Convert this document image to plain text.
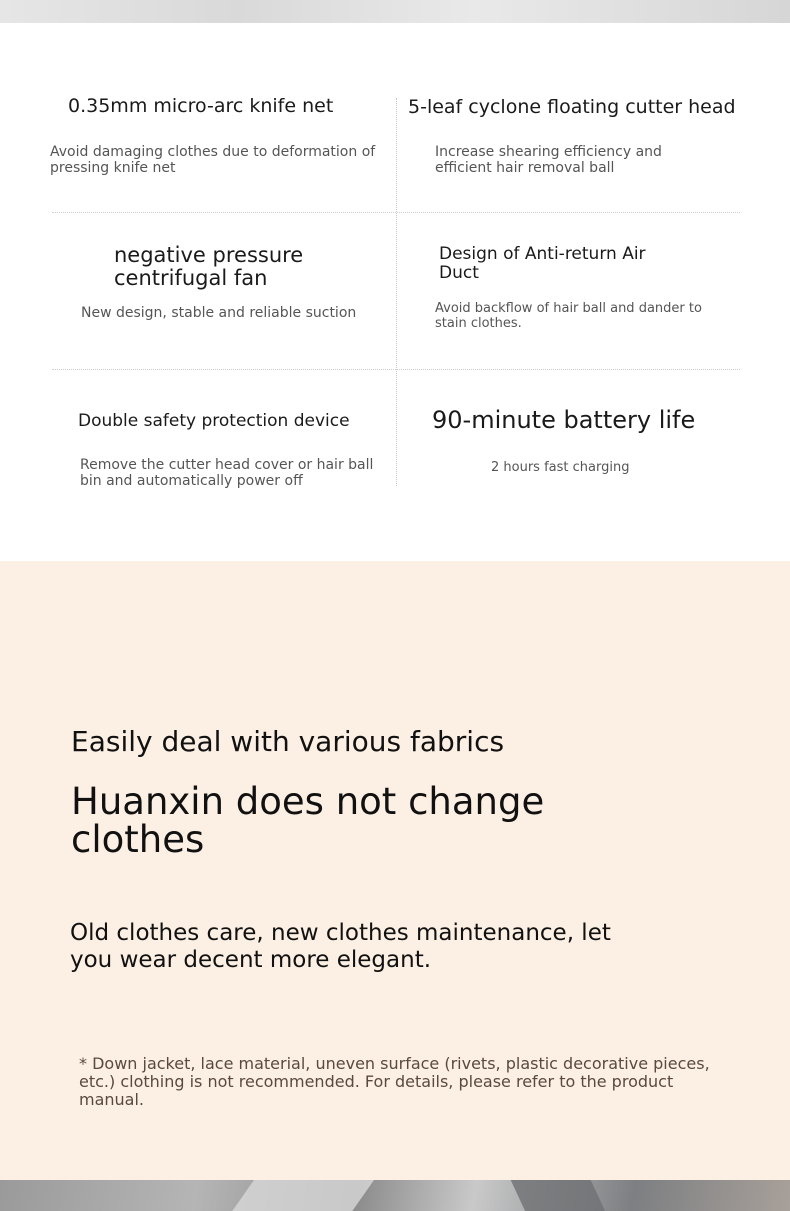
0.35mm micro-arc knife net
Avoid damaging clothes due to deformation of pressing knife net
5-leaf cyclone floating cutter head
Increase shearing efficiency and efficient hair removal ball
negative pressure centrifugal fan
New design, stable and reliable suction
Design of Anti-return Air Duct
Avoid backflow of hair ball and dander to stain clothes.
Double safety protection device
Remove the cutter head cover or hair ball bin and automatically power off
90-minute battery life
2 hours fast charging
Easily deal with various fabrics
Huanxin does not change clothes
Old clothes care, new clothes maintenance, let you wear decent more elegant.
* Down jacket, lace material, uneven surface (rivets, plastic decorative pieces, etc.) clothing is not recommended. For details, please refer to the product manual.
